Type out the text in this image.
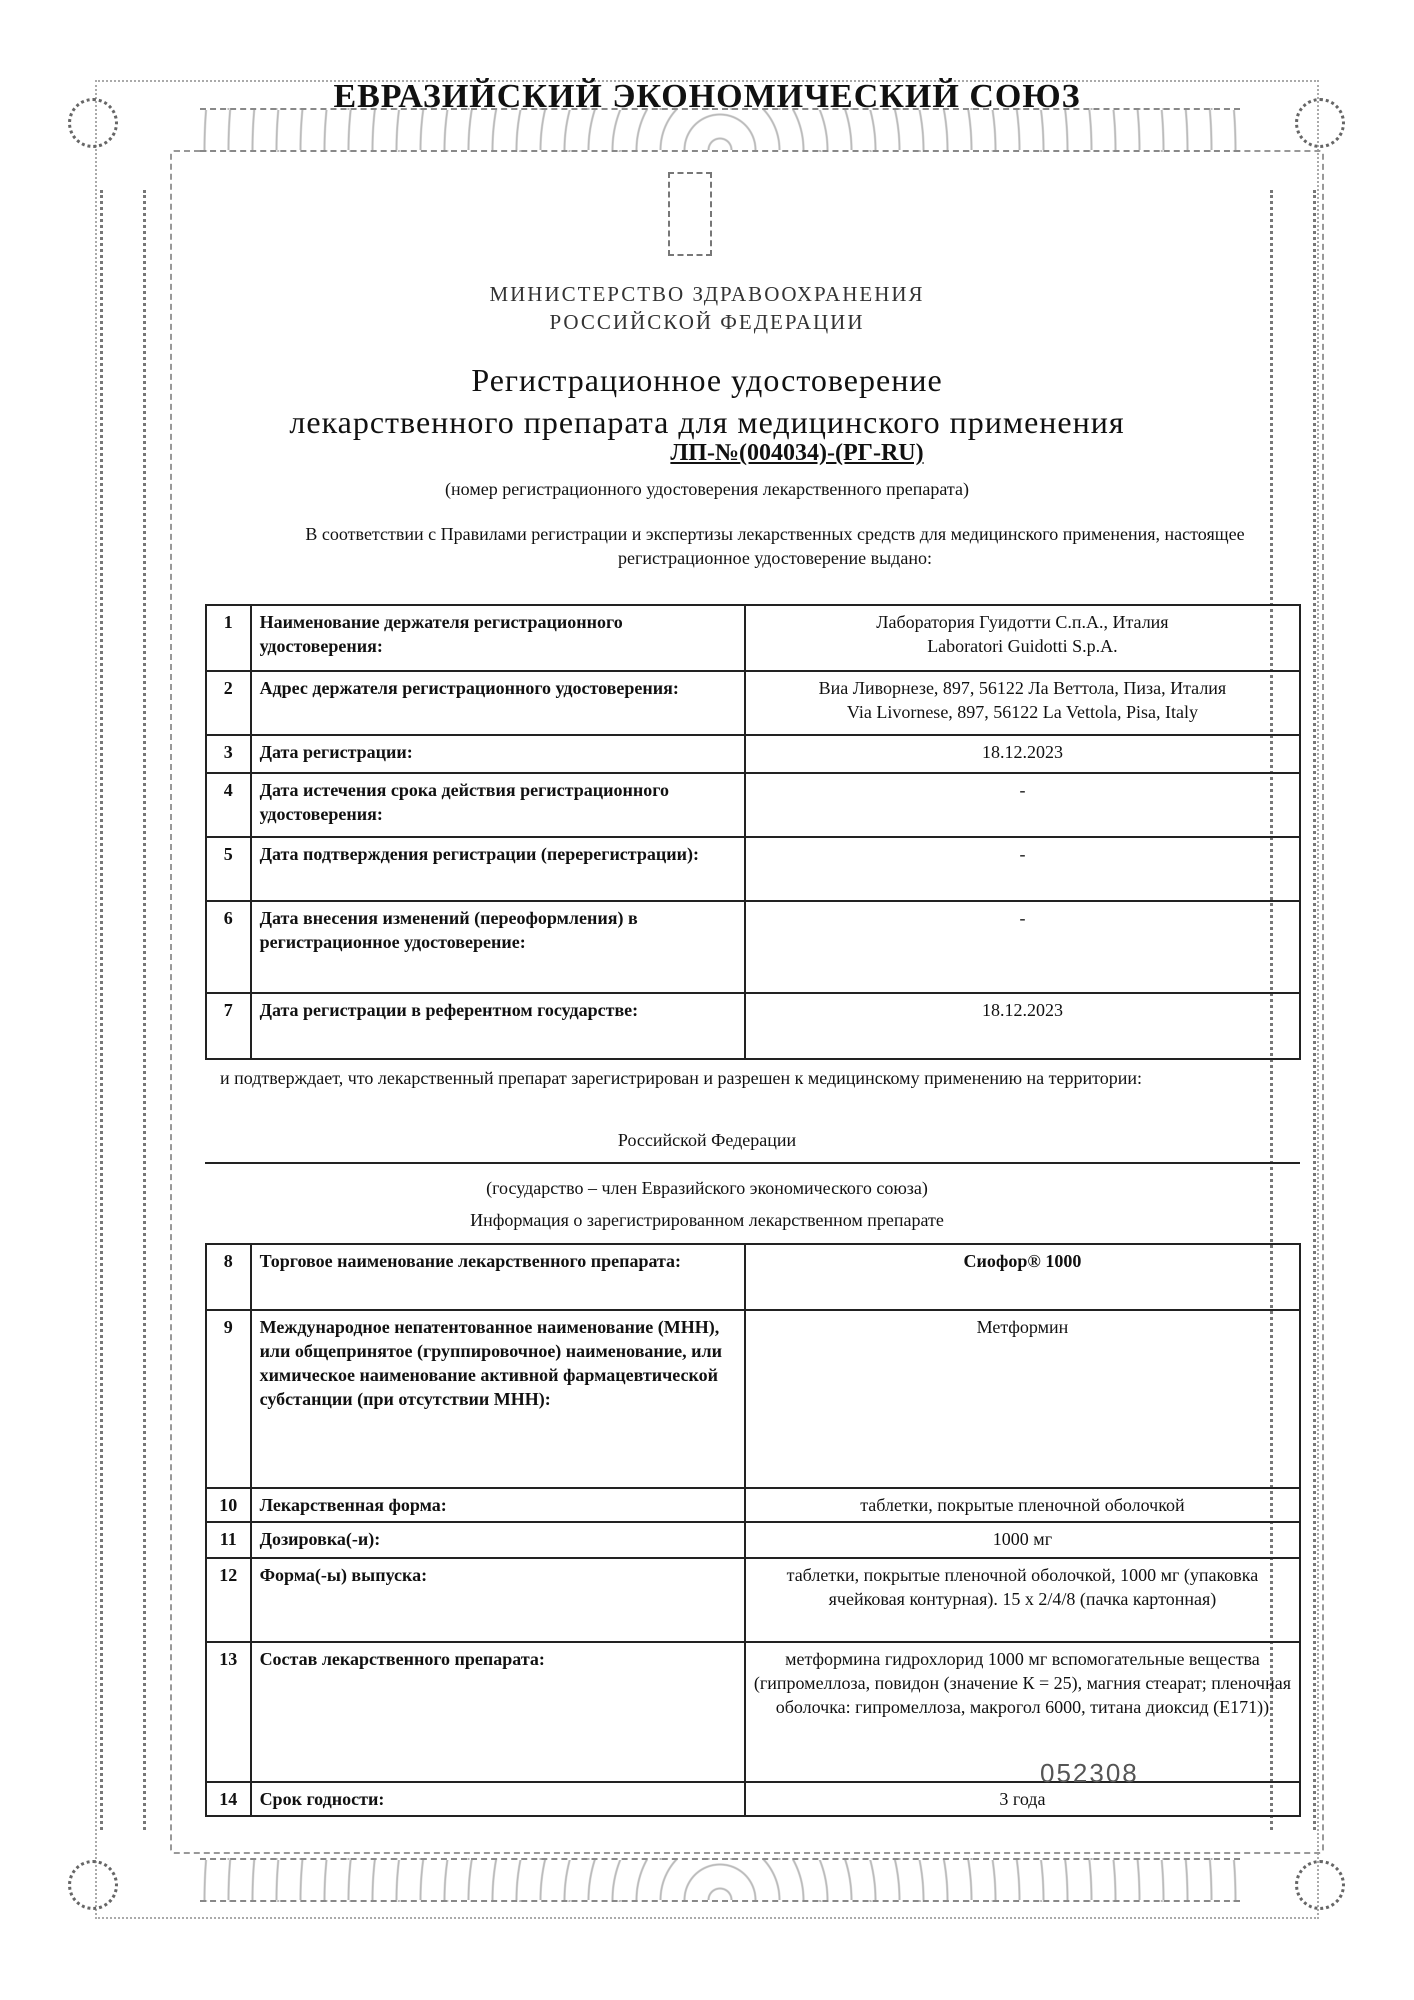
ЕВРАЗИЙСКИЙ ЭКОНОМИЧЕСКИЙ СОЮЗ
МИНИСТЕРСТВО ЗДРАВООХРАНЕНИЯ
РОССИЙСКОЙ ФЕДЕРАЦИИ
Регистрационное удостоверение
лекарственного препарата для медицинского применения
ЛП-№(004034)-(РГ-RU)
(номер регистрационного удостоверения лекарственного препарата)
В соответствии с Правилами регистрации и экспертизы лекарственных средств для медицинского применения, настоящее регистрационное удостоверение выдано:
1	Наименование держателя регистрационного удостоверения:	Лаборатория Гуидотти С.п.А., Италия
Laboratori Guidotti S.p.A.

2	Адрес держателя регистрационного удостоверения:	Виа Ливорнезе, 897, 56122 Ла Веттола, Пиза, Италия
Via Livornese, 897, 56122 La Vettola, Pisa, Italy

3	Дата регистрации:	18.12.2023
4	Дата истечения срока действия регистрационного удостоверения:	-
5	Дата подтверждения регистрации (перерегистрации):	-
6	Дата внесения изменений (переоформления) в регистрационное удостоверение:	-
7	Дата регистрации в референтном государстве:	18.12.2023
и подтверждает, что лекарственный препарат зарегистрирован и разрешен к медицинскому применению на территории:
Российской Федерации
(государство – член Евразийского экономического союза)
Информация о зарегистрированном лекарственном препарате
8	Торговое наименование лекарственного препарата:	Сиофор® 1000
9	Международное непатентованное наименование (МНН), или общепринятое (группировочное) наименование, или химическое наименование активной фармацевтической субстанции (при отсутствии МНН):	Метформин
10	Лекарственная форма:	таблетки, покрытые пленочной оболочкой
11	Дозировка(-и):	1000 мг
12	Форма(-ы) выпуска:	таблетки, покрытые пленочной оболочкой, 1000 мг (упаковка ячейковая контурная). 15 х 2/4/8 (пачка картонная)
13	Состав лекарственного препарата:	метформина гидрохлорид 1000 мг вспомогательные вещества (гипромеллоза, повидон (значение К = 25), магния стеарат; пленочная оболочка: гипромеллоза, макрогол 6000, титана диоксид (E171))
14	Срок годности:	3 года
052308
